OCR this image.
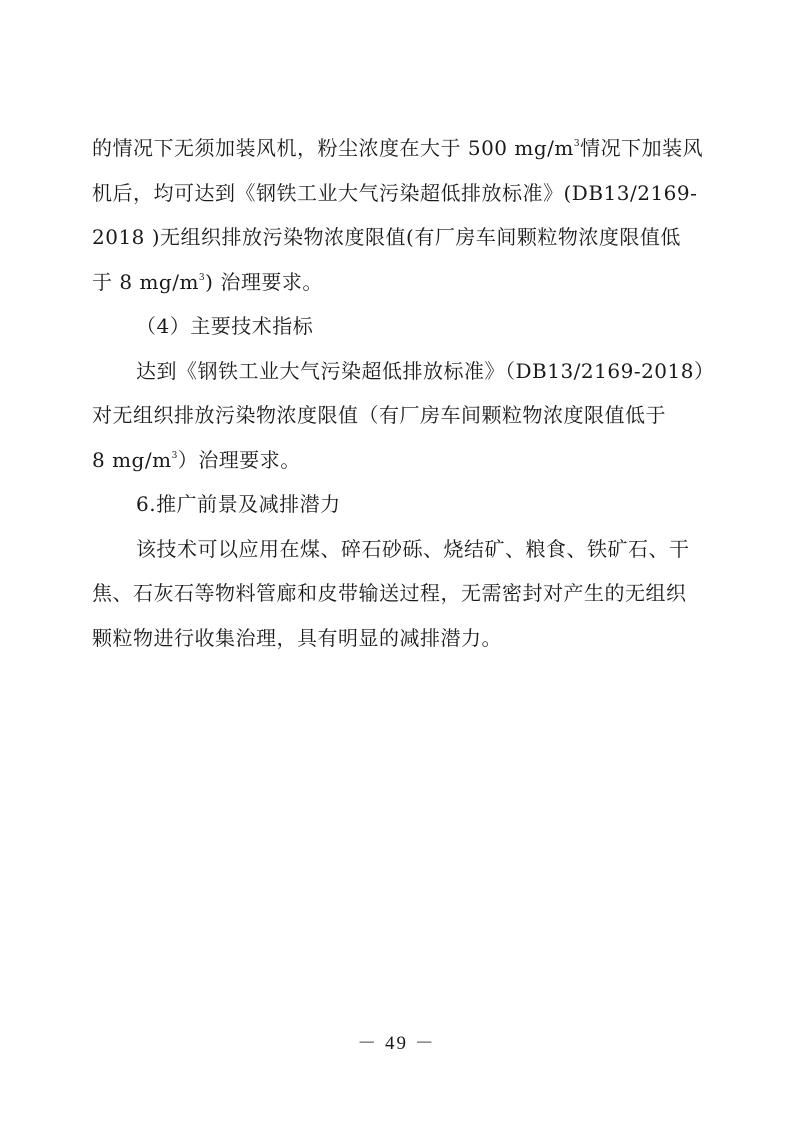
的情况下无须加装风机，粉尘浓度在大于 500 $mg/m^3$情况下加装风
机后，均可达到《钢铁工业大气污染超低排放标准》(DB13/2169-
2018 )无组织排放污染物浓度限值(有厂房车间颗粒物浓度限值低
于 8 $mg/m^3$) 治理要求。
（4）主要技术指标
达到《钢铁工业大气污染超低排放标准》（DB13/2169-2018）
对无组织排放污染物浓度限值（有厂房车间颗粒物浓度限值低于
8 $mg/m^3$）治理要求。
6.推广前景及减排潜力
该技术可以应用在煤、碎石砂砾、烧结矿、粮食、铁矿石、干
焦、石灰石等物料管廊和皮带输送过程，无需密封对产生的无组织
颗粒物进行收集治理，具有明显的减排潜力。
－ 49 －
